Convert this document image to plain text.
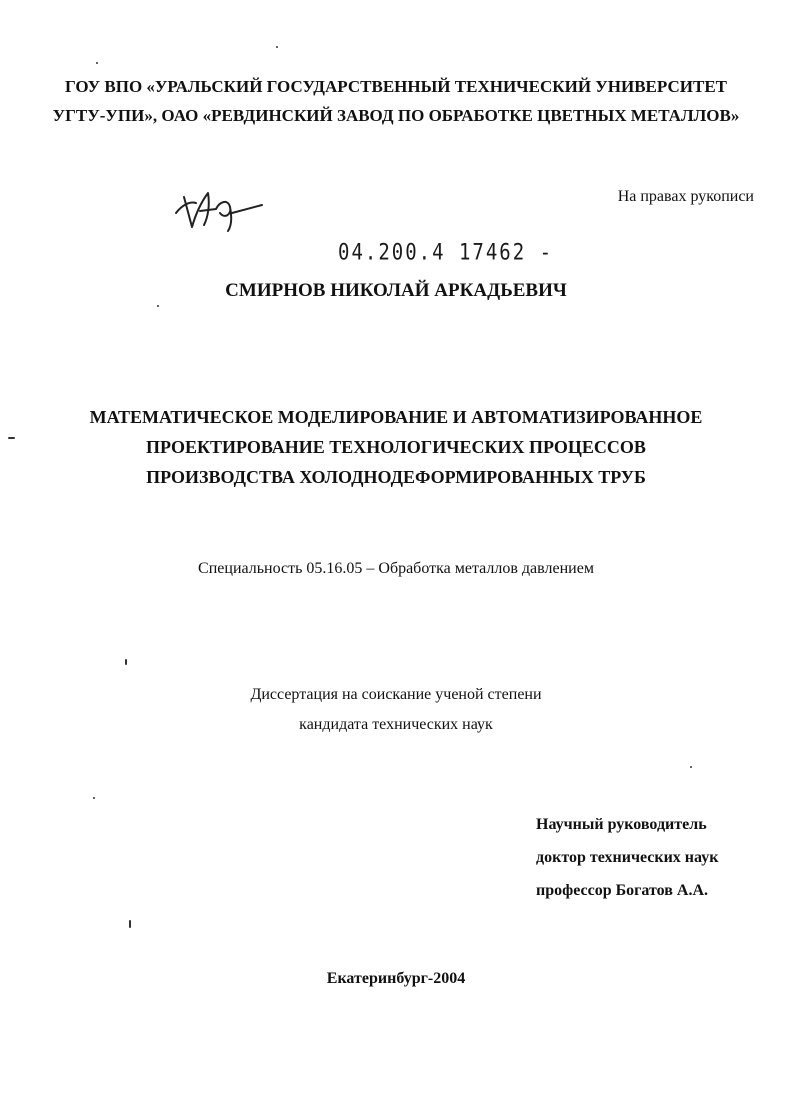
ГОУ ВПО «УРАЛЬСКИЙ ГОСУДАРСТВЕННЫЙ ТЕХНИЧЕСКИЙ УНИВЕРСИТЕТ
УГТУ-УПИ», ОАО «РЕВДИНСКИЙ ЗАВОД ПО ОБРАБОТКЕ ЦВЕТНЫХ МЕТАЛЛОВ»
На правах рукописи
04.200.4 17462 -
СМИРНОВ НИКОЛАЙ АРКАДЬЕВИЧ
МАТЕМАТИЧЕСКОЕ МОДЕЛИРОВАНИЕ И АВТОМАТИЗИРОВАННОЕ
ПРОЕКТИРОВАНИЕ ТЕХНОЛОГИЧЕСКИХ ПРОЦЕССОВ
ПРОИЗВОДСТВА ХОЛОДНОДЕФОРМИРОВАННЫХ ТРУБ
Специальность 05.16.05 – Обработка металлов давлением
Диссертация на соискание ученой степени
кандидата технических наук
Научный руководитель
доктор технических наук
профессор Богатов А.А.
Екатеринбург-2004
